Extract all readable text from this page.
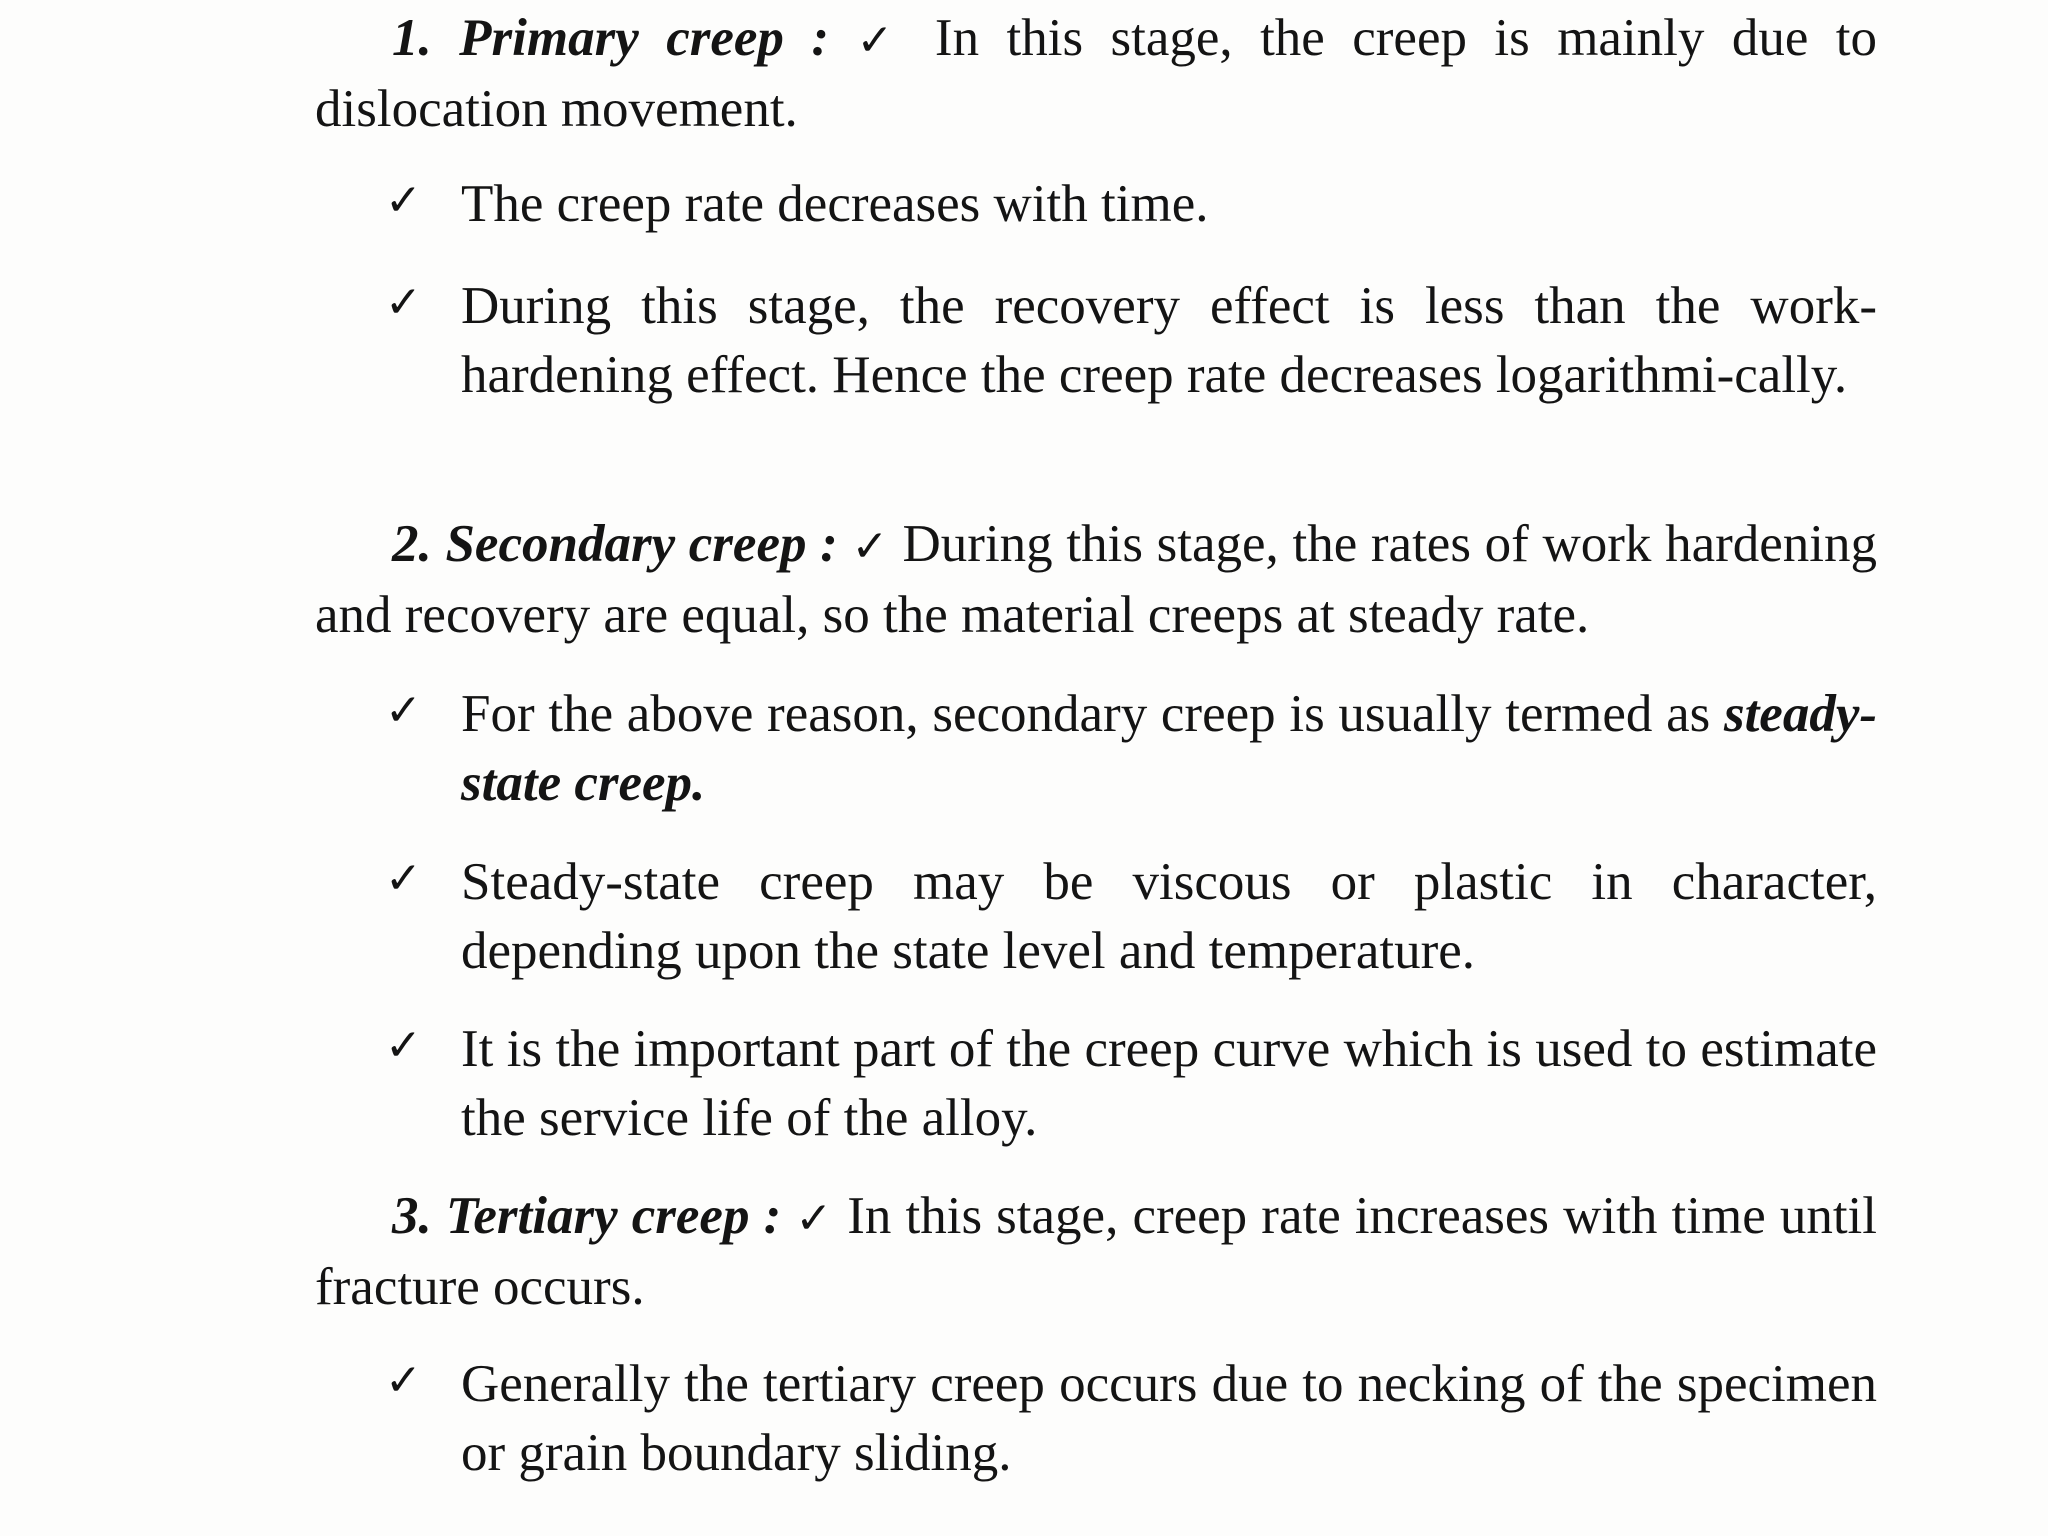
1. Primary creep : ✓ In this stage, the creep is mainly due to dislocation movement.
✓ The creep rate decreases with time.
✓ During this stage, the recovery effect is less than the work-hardening effect. Hence the creep rate decreases logarithmi-cally.
2. Secondary creep : ✓ During this stage, the rates of work hardening and recovery are equal, so the material creeps at steady rate.
✓ For the above reason, secondary creep is usually termed as steady-state creep.
✓ Steady-state creep may be viscous or plastic in character, depending upon the state level and temperature.
✓ It is the important part of the creep curve which is used to estimate the service life of the alloy.
3. Tertiary creep : ✓ In this stage, creep rate increases with time until fracture occurs.
✓ Generally the tertiary creep occurs due to necking of the specimen or grain boundary sliding.
